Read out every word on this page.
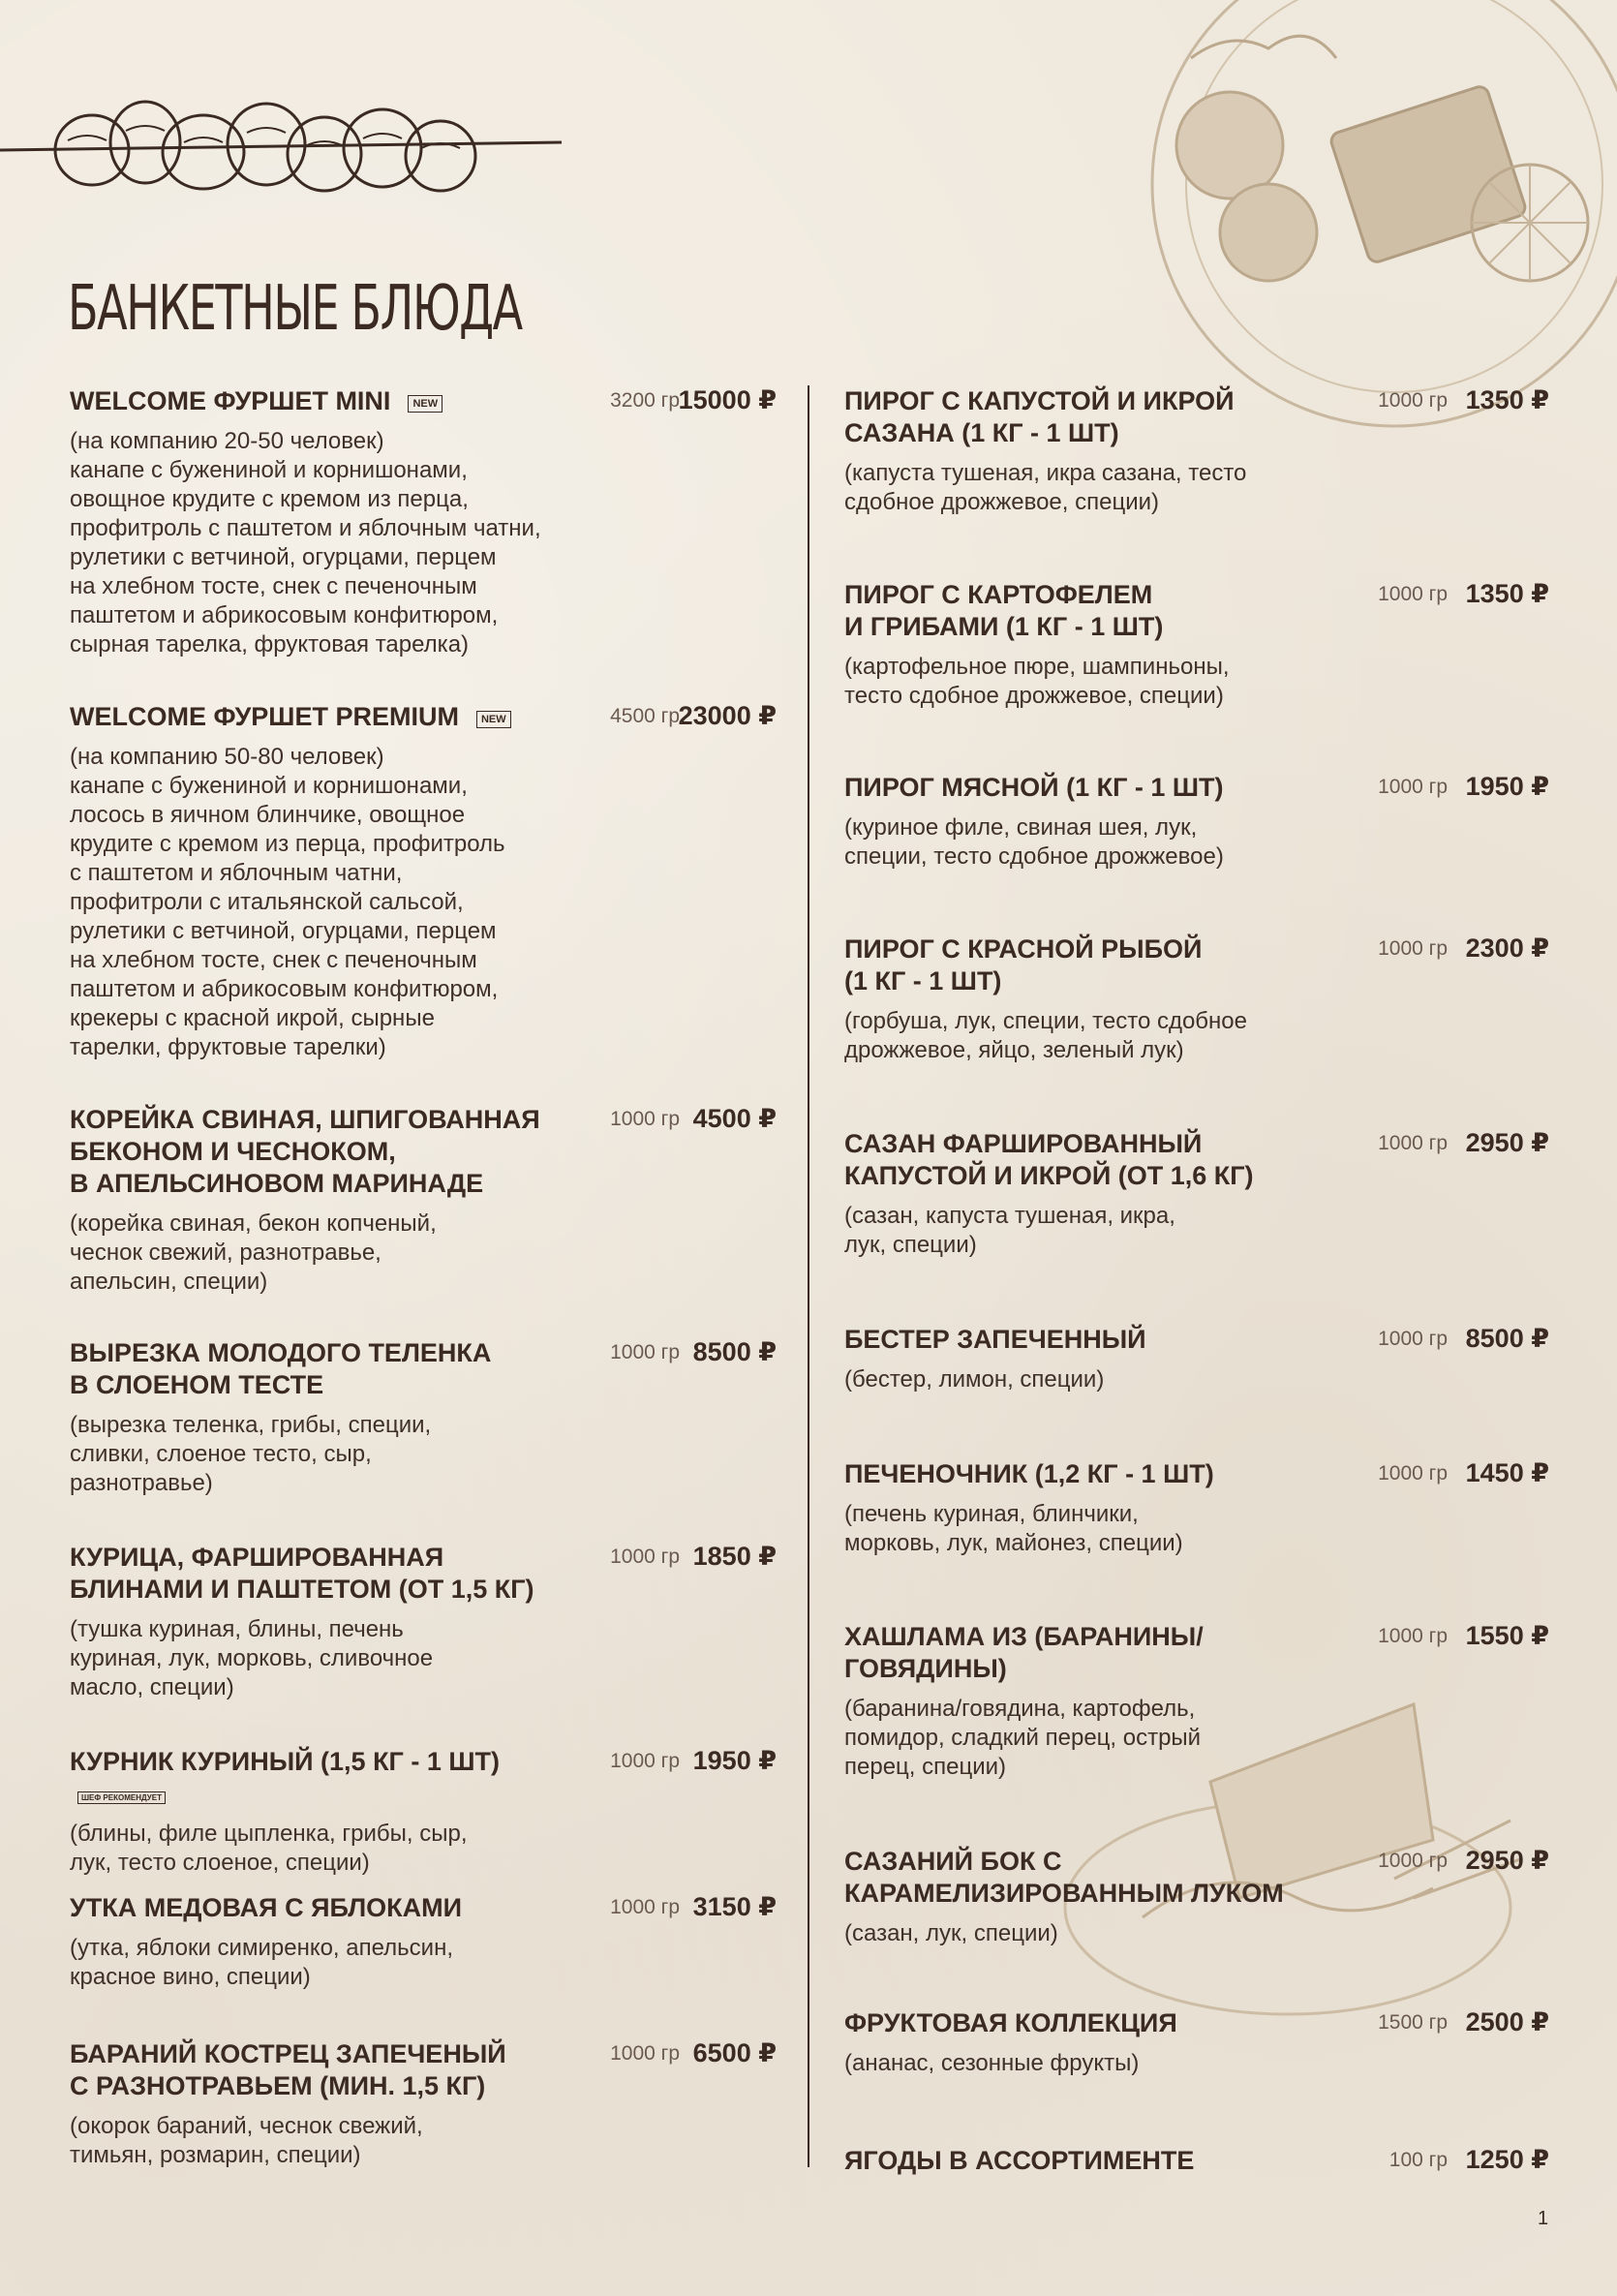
БАНКЕТНЫЕ БЛЮДА
WELCOME ФУРШЕТ MINI NEW	3200 гр
15000 ₽
(на компанию 20-50 человек)
канапе с бужениной и корнишонами,
овощное крудите с кремом из перца,
профитроль с паштетом и яблочным чатни,
рулетики с ветчиной, огурцами, перцем
на хлебном тосте, снек с печеночным
паштетом и абрикосовым конфитюром,
сырная тарелка, фруктовая тарелка)
WELCOME ФУРШЕТ PREMIUM NEW	4500 гр
23000 ₽
(на компанию 50-80 человек)
канапе с бужениной и корнишонами,
лосось в яичном блинчике, овощное
крудите с кремом из перца, профитроль
с паштетом и яблочным чатни,
профитроли с итальянской сальсой,
рулетики с ветчиной, огурцами, перцем
на хлебном тосте, снек с печеночным
паштетом и абрикосовым конфитюром,
крекеры с красной икрой, сырные
тарелки, фруктовые тарелки)
КОРЕЙКА СВИНАЯ, ШПИГОВАННАЯ
БЕКОНОМ И ЧЕСНОКОМ,
В АПЕЛЬСИНОВОМ МАРИНАДЕ
1000 гр 4500 ₽
(корейка свиная, бекон копченый,
чеснок свежий, разнотравье,
апельсин, специи)
ВЫРЕЗКА МОЛОДОГО ТЕЛЕНКА
В СЛОЕНОМ ТЕСТЕ
1000 гр 8500 ₽
(вырезка теленка, грибы, специи,
сливки, слоеное тесто, сыр,
разнотравье)
КУРИЦА, ФАРШИРОВАННАЯ
БЛИНАМИ И ПАШТЕТОМ (ОТ 1,5 КГ)
1000 гр 1850 ₽
(тушка куриная, блины, печень
куриная, лук, морковь, сливочное
масло, специи)
КУРНИК КУРИНЫЙ (1,5 КГ - 1 ШТ)ШЕФ РЕКОМЕНДУЕТ
1000 гр 1950 ₽
(блины, филе цыпленка, грибы, сыр,
лук, тесто слоеное, специи)
УТКА МЕДОВАЯ С ЯБЛОКАМИ	1000 гр 3150 ₽
(утка, яблоки симиренко, апельсин,
красное вино, специи)
БАРАНИЙ КОСТРЕЦ ЗАПЕЧЕНЫЙ
С РАЗНОТРАВЬЕМ (МИН. 1,5 КГ)
1000 гр 6500 ₽
(окорок бараний, чеснок свежий,
тимьян, розмарин, специи)
ПИРОГ С КАПУСТОЙ И ИКРОЙ
САЗАНА (1 КГ - 1 ШТ)
1000 гр 1350 ₽
(капуста тушеная, икра сазана, тесто
сдобное дрожжевое, специи)
ПИРОГ С КАРТОФЕЛЕМ
И ГРИБАМИ (1 КГ - 1 ШТ)
1000 гр 1350 ₽
(картофельное пюре, шампиньоны,
тесто сдобное дрожжевое, специи)
ПИРОГ МЯСНОЙ (1 КГ - 1 ШТ)	1000 гр 1950 ₽
(куриное филе, свиная шея, лук,
специи, тесто сдобное дрожжевое)
ПИРОГ С КРАСНОЙ РЫБОЙ
(1 КГ - 1 ШТ)
1000 гр 2300 ₽
(горбуша, лук, специи, тесто сдобное
дрожжевое, яйцо, зеленый лук)
САЗАН ФАРШИРОВАННЫЙ
КАПУСТОЙ И ИКРОЙ (ОТ 1,6 КГ)
1000 гр 2950 ₽
(сазан, капуста тушеная, икра,
лук, специи)
БЕСТЕР ЗАПЕЧЕННЫЙ	1000 гр 8500 ₽
(бестер, лимон, специи)
ПЕЧЕНОЧНИК (1,2 КГ - 1 ШТ)	1000 гр 1450 ₽
(печень куриная, блинчики,
морковь, лук, майонез, специи)
ХАШЛАМА ИЗ (БАРАНИНЫ/
ГОВЯДИНЫ)
1000 гр 1550 ₽
(баранина/говядина, картофель,
помидор, сладкий перец, острый
перец, специи)
САЗАНИЙ БОК С
КАРАМЕЛИЗИРОВАННЫМ ЛУКОМ
1000 гр 2950 ₽
(сазан, лук, специи)
ФРУКТОВАЯ КОЛЛЕКЦИЯ	1500 гр 2500 ₽
(ананас, сезонные фрукты)
ЯГОДЫ В АССОРТИМЕНТЕ	100 гр 1250 ₽
1
